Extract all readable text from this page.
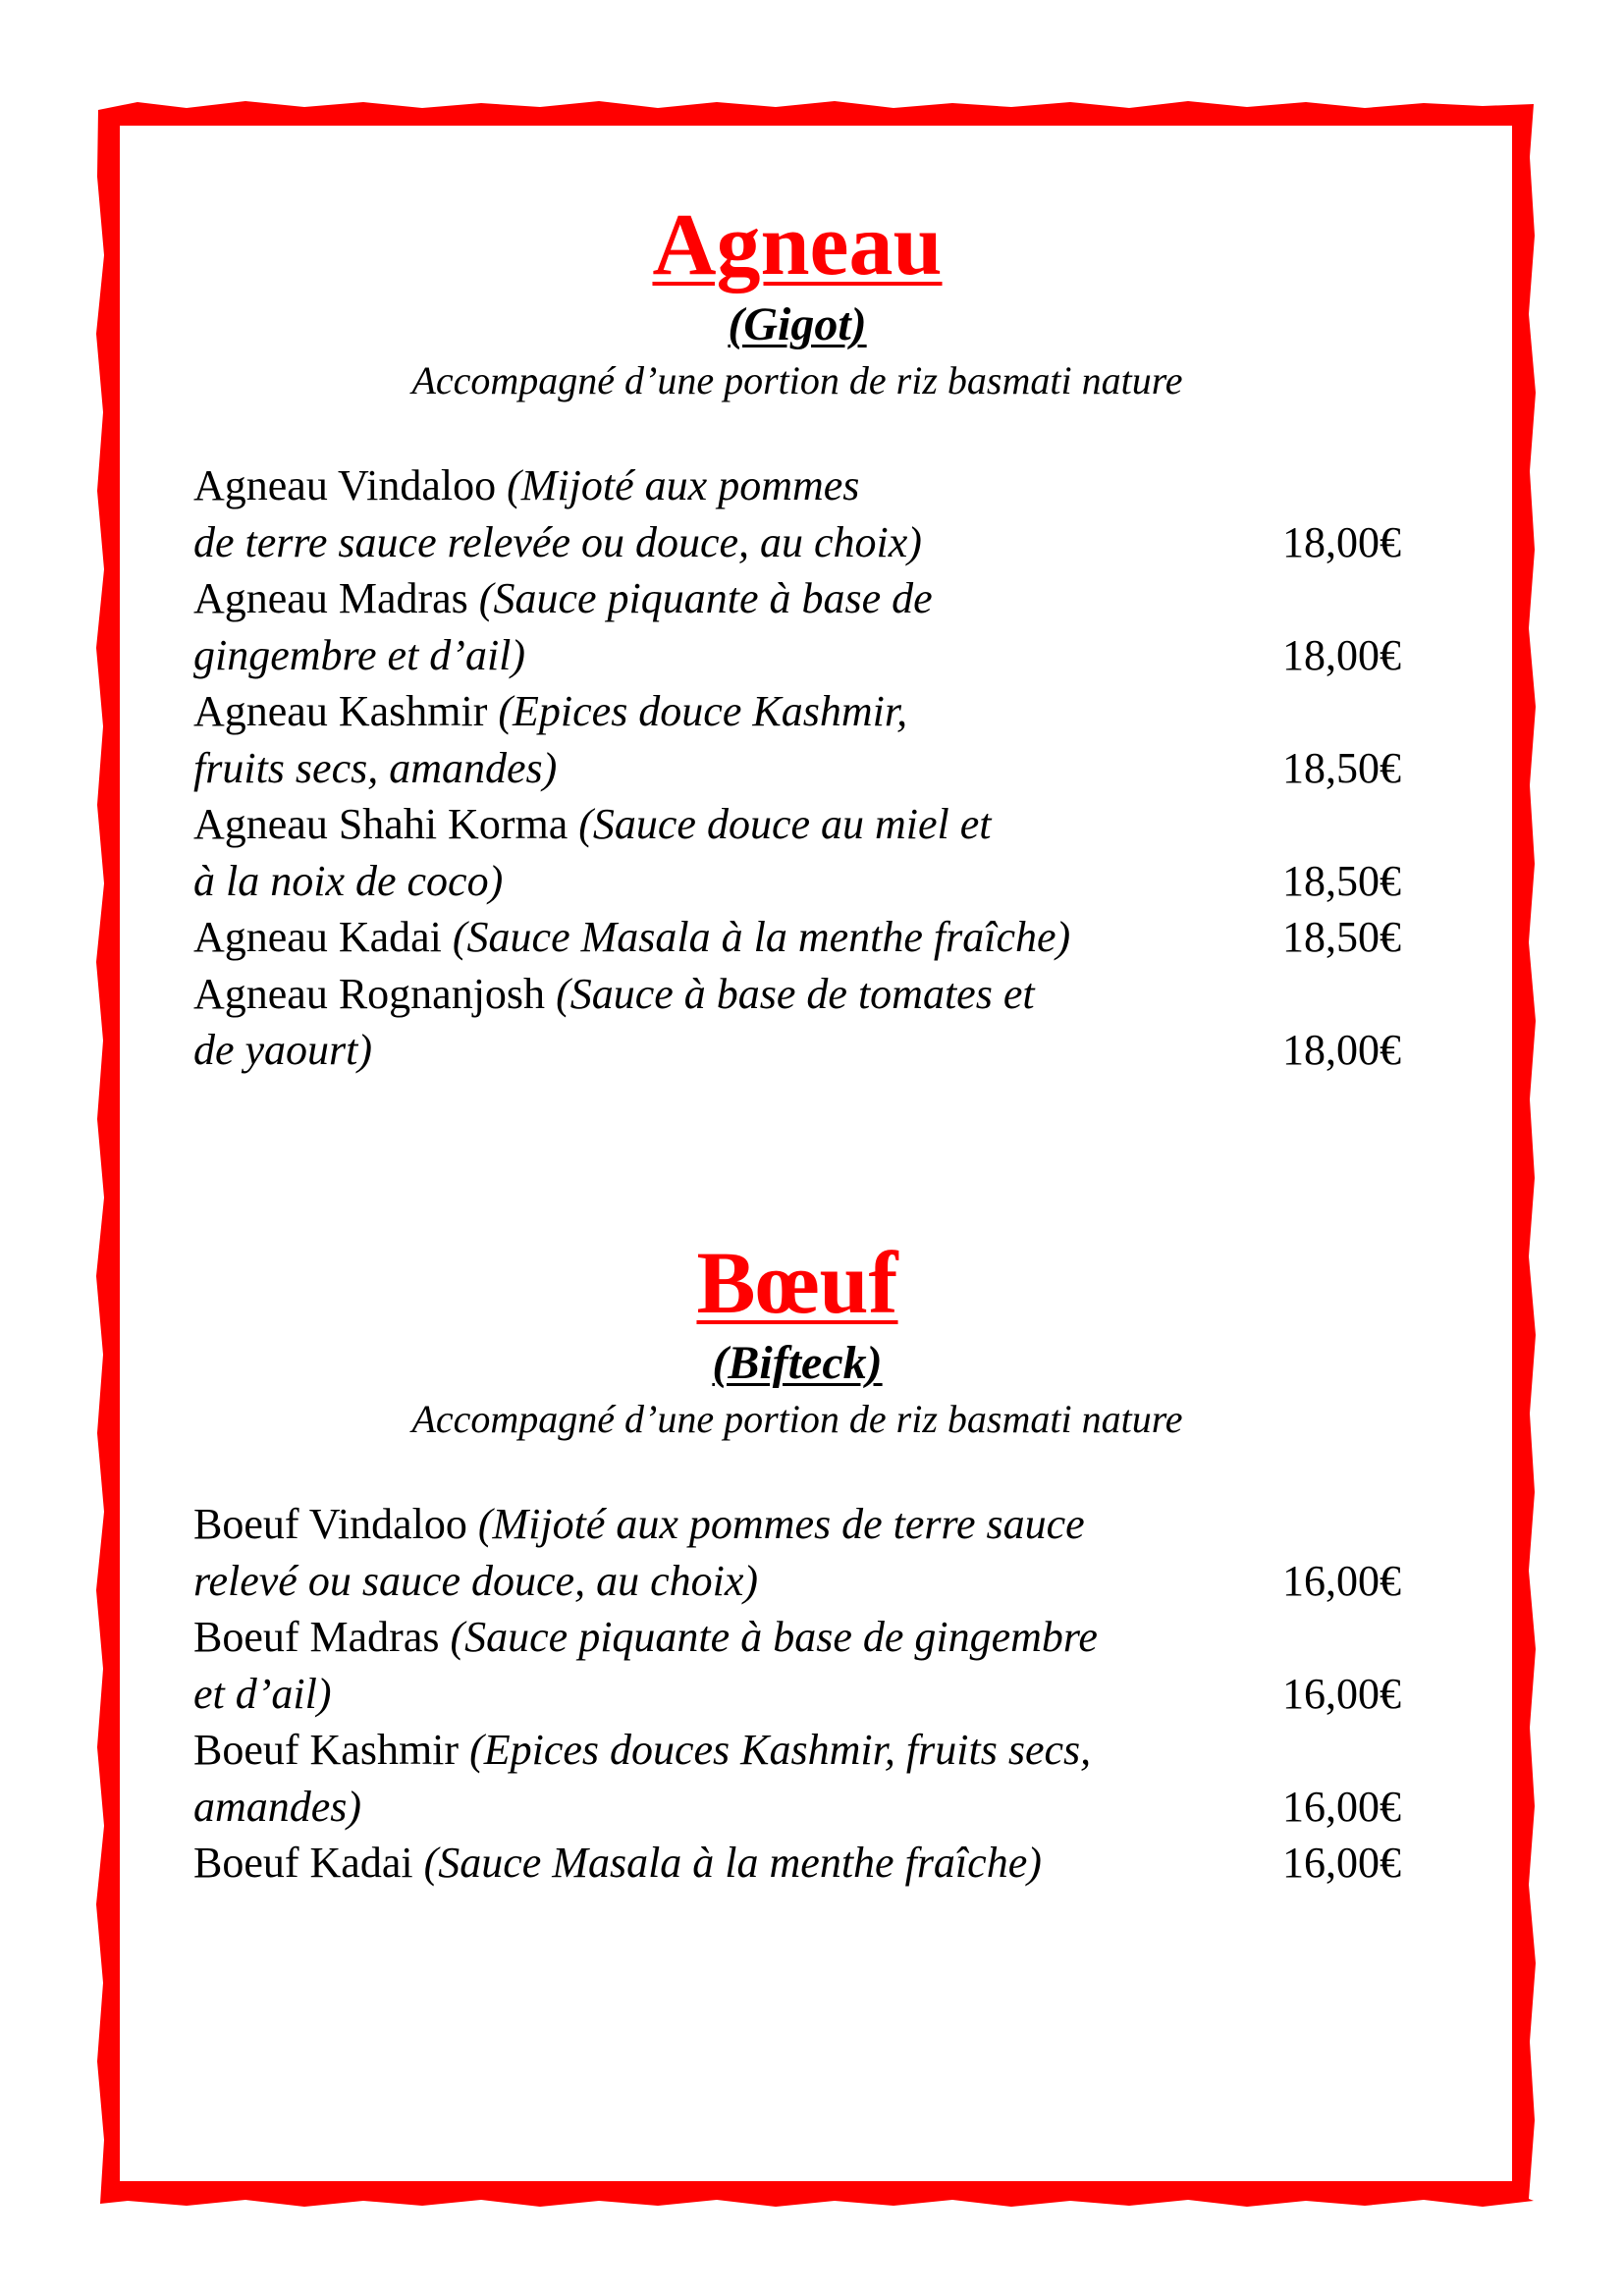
Agneau
(Gigot)
Accompagné d’une portion de riz basmati nature
Agneau Vindaloo (Mijoté aux pommes
de terre sauce relevée ou douce, au choix)	18,00€
Agneau Madras (Sauce piquante à base de
gingembre et d’ail)	18,00€
Agneau Kashmir (Epices douce Kashmir,
fruits secs, amandes)	18,50€
Agneau Shahi Korma (Sauce douce au miel et
à la noix de coco)	18,50€
Agneau Kadai (Sauce Masala à la menthe fraîche)	18,50€
Agneau Rognanjosh (Sauce à base de tomates et
de yaourt)	18,00€
Bœuf
(Bifteck)
Accompagné d’une portion de riz basmati nature
Boeuf Vindaloo (Mijoté aux pommes de terre sauce
relevé ou sauce douce, au choix)	16,00€
Boeuf Madras (Sauce piquante à base de gingembre
et d’ail)	16,00€
Boeuf Kashmir (Epices douces Kashmir, fruits secs,
amandes)	16,00€
Boeuf Kadai (Sauce Masala à la menthe fraîche)	16,00€
